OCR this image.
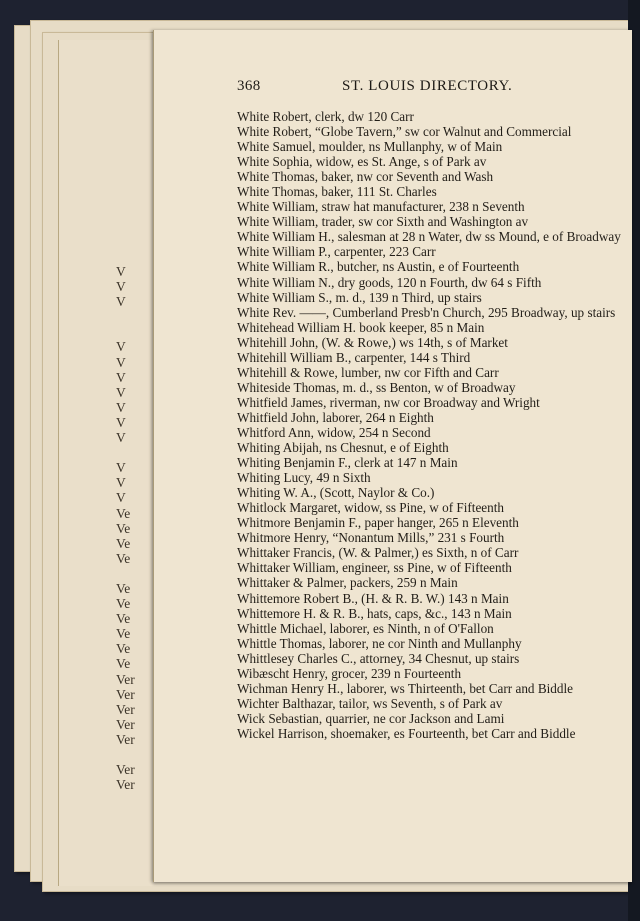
V
V
V
V
V
V
V
V
V
V
V
V
V
Ve
Ve
Ve
Ve
Ve
Ve
Ve
Ve
Ve
Ve
Ver
Ver
Ver
Ver
Ver
Ver
Ver
368	ST. LOUIS DIRECTORY.
White Robert, clerk, dw 120 Carr
White Robert, “Globe Tavern,” sw cor Walnut and Commercial
White Samuel, moulder, ns Mullanphy, w of Main
White Sophia, widow, es St. Ange, s of Park av
White Thomas, baker, nw cor Seventh and Wash
White Thomas, baker, 111 St. Charles
White William, straw hat manufacturer, 238 n Seventh
White William, trader, sw cor Sixth and Washington av
White William H., salesman at 28 n Water, dw ss Mound, e of Broadway
White William P., carpenter, 223 Carr
White William R., butcher, ns Austin, e of Fourteenth
White William N., dry goods, 120 n Fourth, dw 64 s Fifth
White William S., m. d., 139 n Third, up stairs
White Rev. ——, Cumberland Presb'n Church, 295 Broadway, up stairs
Whitehead William H. book keeper, 85 n Main
Whitehill John, (W. & Rowe,) ws 14th, s of Market
Whitehill William B., carpenter, 144 s Third
Whitehill & Rowe, lumber, nw cor Fifth and Carr
Whiteside Thomas, m. d., ss Benton, w of Broadway
Whitfield James, riverman, nw cor Broadway and Wright
Whitfield John, laborer, 264 n Eighth
Whitford Ann, widow, 254 n Second
Whiting Abijah, ns Chesnut, e of Eighth
Whiting Benjamin F., clerk at 147 n Main
Whiting Lucy, 49 n Sixth
Whiting W. A., (Scott, Naylor & Co.)
Whitlock Margaret, widow, ss Pine, w of Fifteenth
Whitmore Benjamin F., paper hanger, 265 n Eleventh
Whitmore Henry, “Nonantum Mills,” 231 s Fourth
Whittaker Francis, (W. & Palmer,) es Sixth, n of Carr
Whittaker William, engineer, ss Pine, w of Fifteenth
Whittaker & Palmer, packers, 259 n Main
Whittemore Robert B., (H. & R. B. W.) 143 n Main
Whittemore H. & R. B., hats, caps, &c., 143 n Main
Whittle Michael, laborer, es Ninth, n of O'Fallon
Whittle Thomas, laborer, ne cor Ninth and Mullanphy
Whittlesey Charles C., attorney, 34 Chesnut, up stairs
Wibæscht Henry, grocer, 239 n Fourteenth
Wichman Henry H., laborer, ws Thirteenth, bet Carr and Biddle
Wichter Balthazar, tailor, ws Seventh, s of Park av
Wick Sebastian, quarrier, ne cor Jackson and Lami
Wickel Harrison, shoemaker, es Fourteenth, bet Carr and Biddle
